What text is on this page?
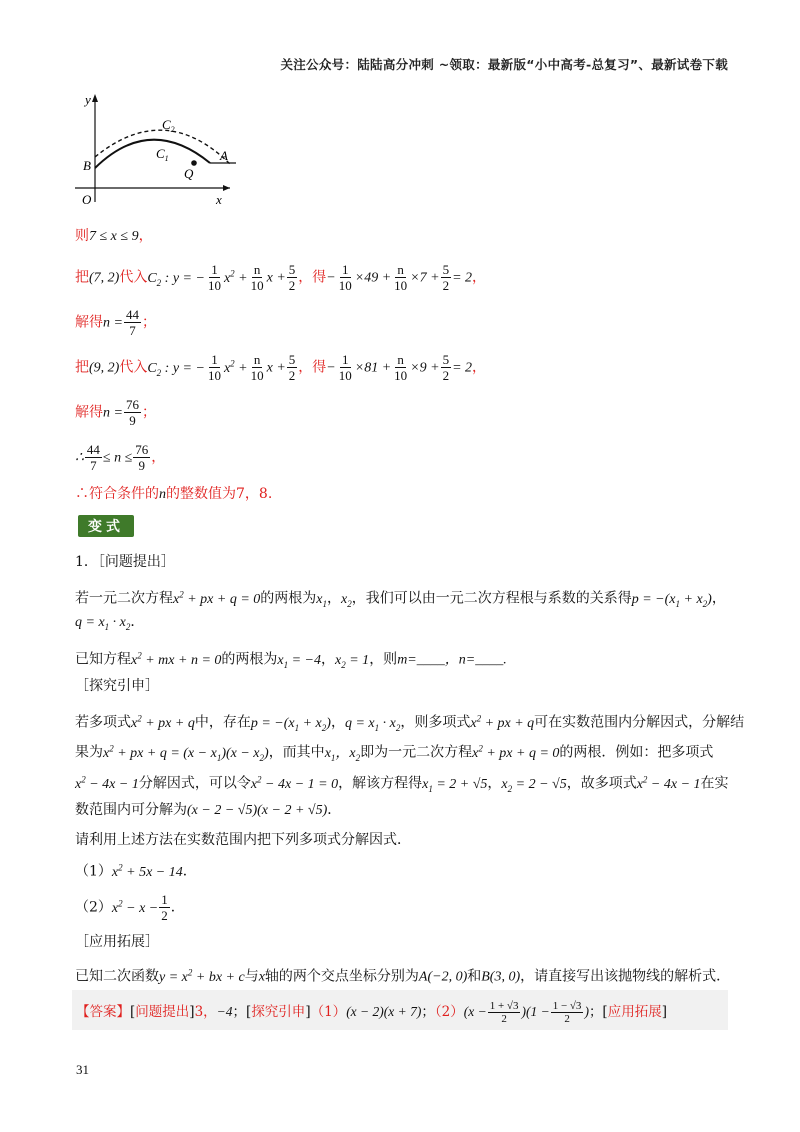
关注公众号：陆陆高分冲刺 ~领取：最新版“小中高考-总复习”、最新试卷下载
y
x
O
B
A
Q
$C_2$
$C_1$
则7 ≤ x ≤ 9，
把(7, 2)代入$C_2$ : y = − $\frac{1}{10} x^2 + \frac{n}{10}$ $x + \frac{5}{2}$ ，得− $\frac{1}{10} \times 49 + \frac{n}{10} \times 7 + \frac{5}{2} = 2$，
解得$n = \frac{44}{7}$ ；
把(9, 2)代入$C_2$ : y = − $\frac{1}{10} x^2 + \frac{n}{10}$ $x + \frac{5}{2}$ ，得− $\frac{1}{10} \times 81 + \frac{n}{10} \times 9 + \frac{5}{2} = 2$，
解得$n = \frac{76}{9}$ ；
∴ $\frac{44}{7} \le n \le \frac{76}{9}$ ，
∴符合条件的n的整数值为7，8.
变式
1．［问题提出］
若一元二次方程$x^2$ + px + q = 0的两根为$x_1$，$x_2$，我们可以由一元二次方程根与系数的关系得$p = -(x_1 + x_2)$，
$q = x_1 \cdot x_2$．
已知方程$x^2$ + mx + n = 0的两根为$x_1 = -4$，$x_2 = 1$，则m=____，n=____.
［探究引申］
若多项式$x^2$ + px + q中，存在$p = -(x_1 + x_2)$，$q = x_1 \cdot x_2$，则多项式$x^2$ + px + q可在实数范围内分解因式，分解结
果为$x^2$ + px + $q = (x - x_1)(x - x_2)$，而其中$x_1$，$x_2$即为一元二次方程$x^2$ + px + q = 0的两根．例如：把多项式
$x^2 - 4x - 1$分解因式，可以令$x^2 - 4x - 1 = 0$，解该方程得$x_1 = 2 + √5$，$x_2 = 2 - √5$，故多项式$x^2 - 4x - 1$在实
数范围内可分解为(x − 2 − √5)(x − 2 + √5)．
请利用上述方法在实数范围内把下列多项式分解因式．
$(1)x^2 + 5x - 14$．
$(2)x^2 - x - \frac{1}{2}$ ．
［应用拓展］
已知二次函数$y = x^2$ + bx + c与x轴的两个交点坐标分别为A(−2, 0)和B(3, 0)，请直接写出该抛物线的解析式．
【答案】[问题提出]3，−4；[探究引申]（1）(x − 2)(x + 7)；$(2)(x - \frac{1 + √3}{2} )(1 - \frac{1 - √3}{2}$ )；[应用拓展]
31
